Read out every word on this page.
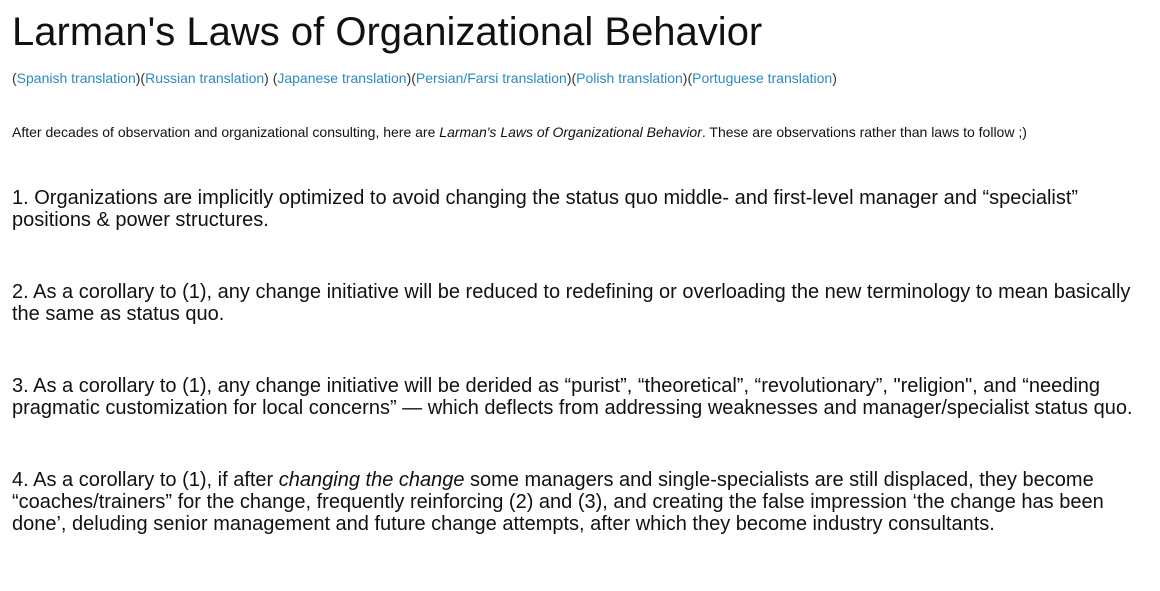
Larman's Laws of Organizational Behavior
(Spanish translation)(Russian translation) (Japanese translation)(Persian/Farsi translation)(Polish translation)(Portuguese translation)

After decades of observation and organizational consulting, here are Larman's Laws of Organizational Behavior. These are observations rather than laws to follow ;)

1. Organizations are implicitly optimized to avoid changing the status quo middle- and first-level manager and “specialist” positions & power structures.

2. As a corollary to (1), any change initiative will be reduced to redefining or overloading the new terminology to mean basically the same as status quo.

3. As a corollary to (1), any change initiative will be derided as “purist”, “theoretical”, “revolutionary”, "religion", and “needing pragmatic customization for local concerns” — which deflects from addressing weaknesses and manager/specialist status quo.

4. As a corollary to (1), if after changing the change some managers and single-specialists are still displaced, they become “coaches/trainers” for the change, frequently reinforcing (2) and (3), and creating the false impression ‘the change has been done’, deluding senior management and future change attempts, after which they become industry consultants.
